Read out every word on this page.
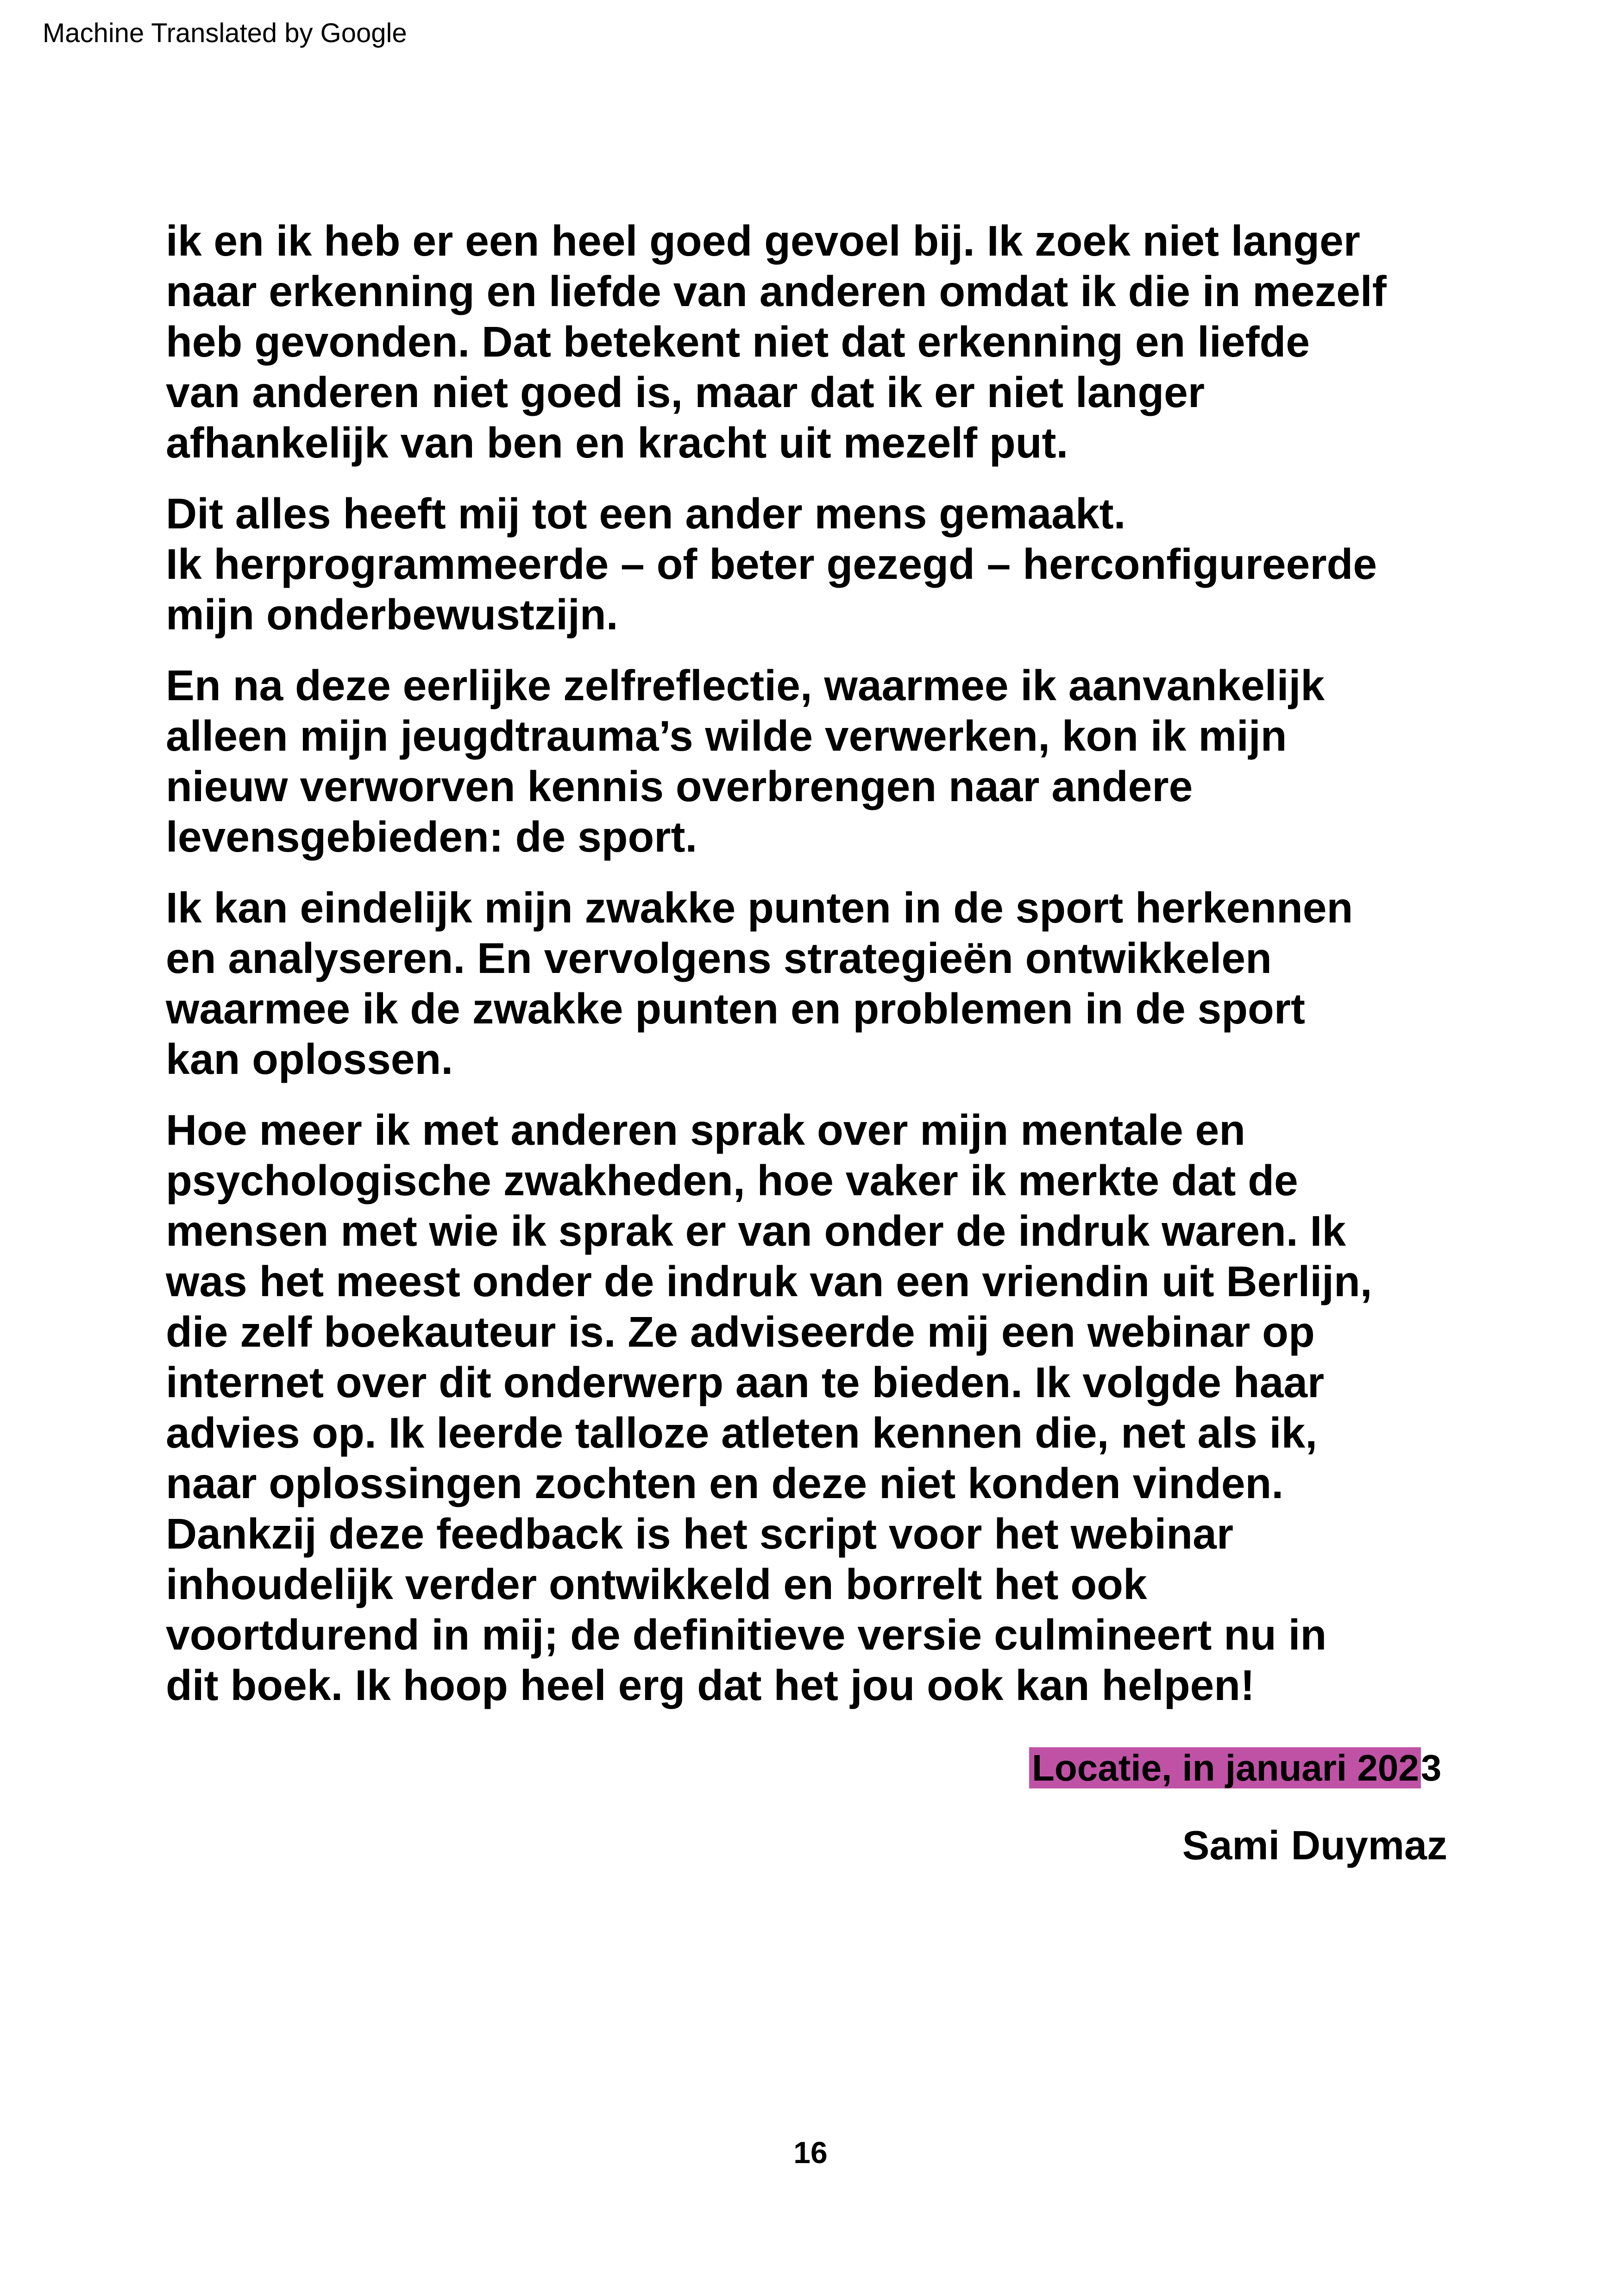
Machine Translated by Google
ik en ik heb er een heel goed gevoel bij. Ik zoek niet langer
naar erkenning en liefde van anderen omdat ik die in mezelf
heb gevonden. Dat betekent niet dat erkenning en liefde
van anderen niet goed is, maar dat ik er niet langer
afhankelijk van ben en kracht uit mezelf put.
Dit alles heeft mij tot een ander mens gemaakt.
Ik herprogrammeerde – of beter gezegd – herconfigureerde
mijn onderbewustzijn.
En na deze eerlijke zelfreflectie, waarmee ik aanvankelijk
alleen mijn jeugdtrauma’s wilde verwerken, kon ik mijn
nieuw verworven kennis overbrengen naar andere
levensgebieden: de sport.
Ik kan eindelijk mijn zwakke punten in de sport herkennen
en analyseren. En vervolgens strategieën ontwikkelen
waarmee ik de zwakke punten en problemen in de sport
kan oplossen.
Hoe meer ik met anderen sprak over mijn mentale en
psychologische zwakheden, hoe vaker ik merkte dat de
mensen met wie ik sprak er van onder de indruk waren. Ik
was het meest onder de indruk van een vriendin uit Berlijn,
die zelf boekauteur is. Ze adviseerde mij een webinar op
internet over dit onderwerp aan te bieden. Ik volgde haar
advies op. Ik leerde talloze atleten kennen die, net als ik,
naar oplossingen zochten en deze niet konden vinden.
Dankzij deze feedback is het script voor het webinar
inhoudelijk verder ontwikkeld en borrelt het ook
voortdurend in mij; de definitieve versie culmineert nu in
dit boek. Ik hoop heel erg dat het jou ook kan helpen!
Locatie, in januari 2023
Sami Duymaz
16
